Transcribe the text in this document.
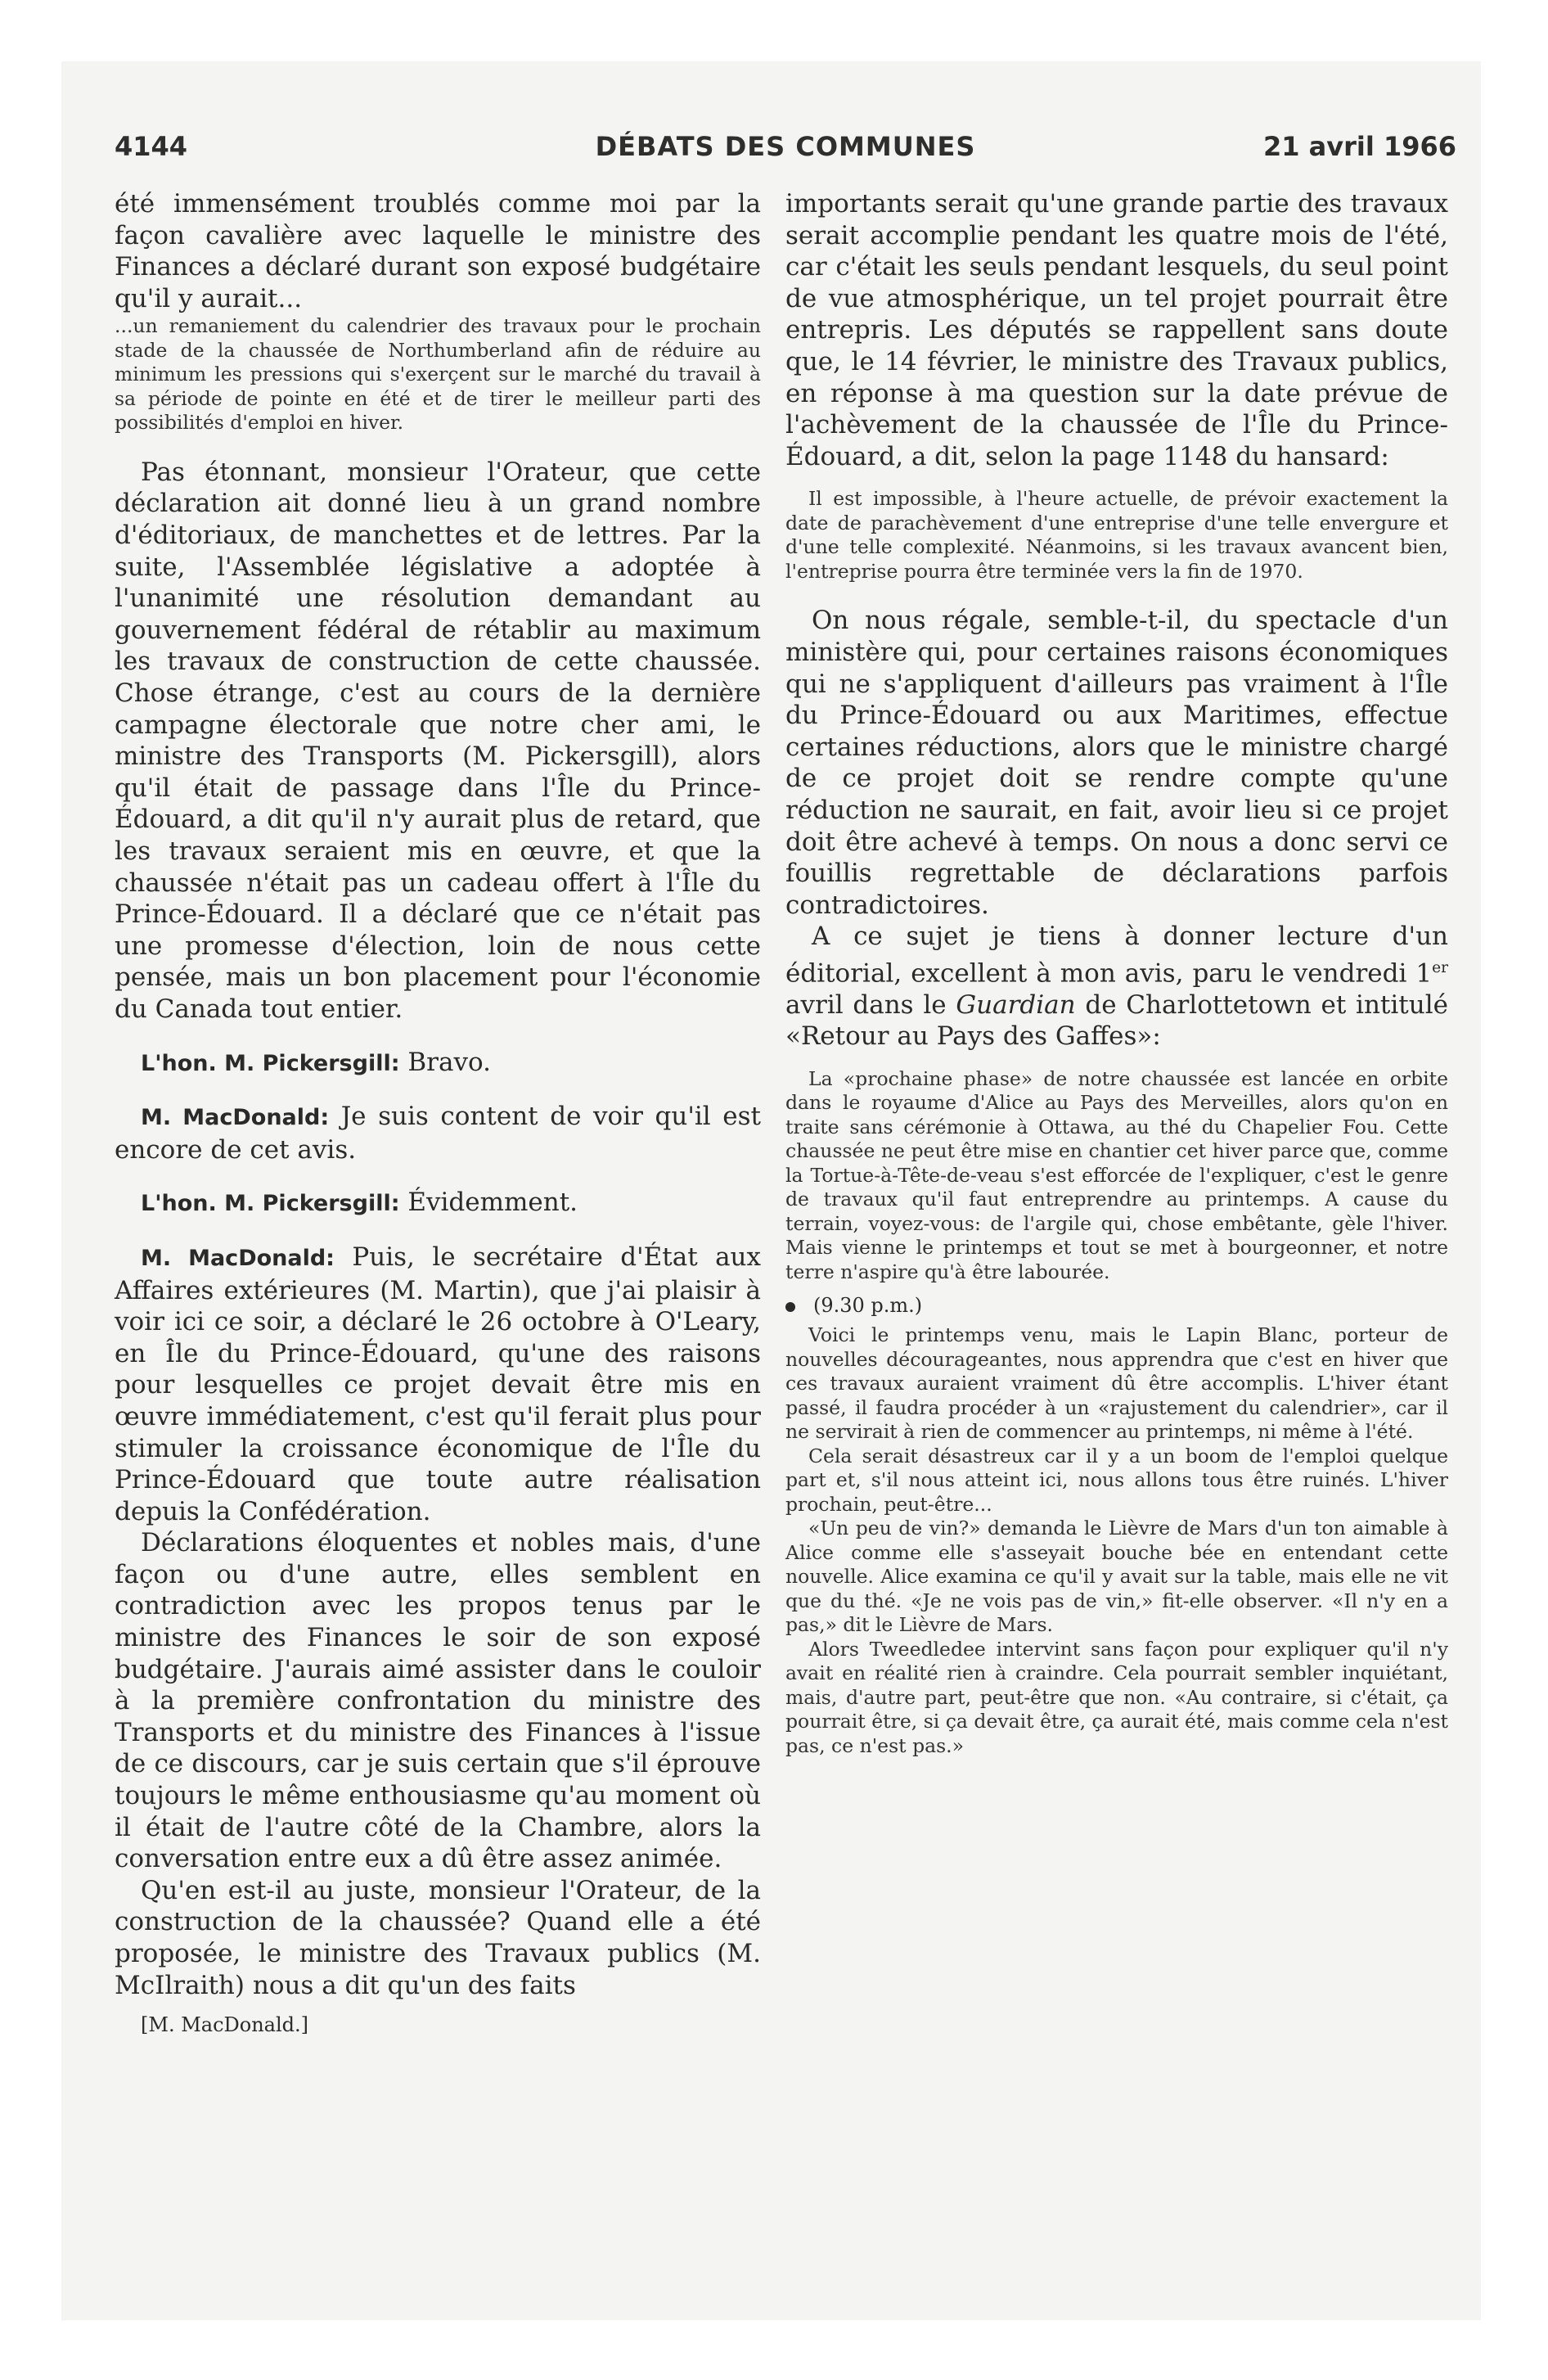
4144	DÉBATS DES COMMUNES	21 avril 1966

été immensément troublés comme moi par la façon cavalière avec laquelle le ministre des Finances a déclaré durant son exposé budgétaire qu'il y aurait...

...un remaniement du calendrier des travaux pour le prochain stade de la chaussée de Northumberland afin de réduire au minimum les pressions qui s'exerçent sur le marché du travail à sa période de pointe en été et de tirer le meilleur parti des possibilités d'emploi en hiver.

Pas étonnant, monsieur l'Orateur, que cette déclaration ait donné lieu à un grand nombre d'éditoriaux, de manchettes et de lettres. Par la suite, l'Assemblée législative a adoptée à l'unanimité une résolution demandant au gouvernement fédéral de rétablir au maximum les travaux de construction de cette chaussée. Chose étrange, c'est au cours de la dernière campagne électorale que notre cher ami, le ministre des Transports (M. Pickersgill), alors qu'il était de passage dans l'Île du Prince-Édouard, a dit qu'il n'y aurait plus de retard, que les travaux seraient mis en œuvre, et que la chaussée n'était pas un cadeau offert à l'Île du Prince-Édouard. Il a déclaré que ce n'était pas une promesse d'élection, loin de nous cette pensée, mais un bon placement pour l'économie du Canada tout entier.

L'hon. M. Pickersgill: Bravo.

M. MacDonald: Je suis content de voir qu'il est encore de cet avis.

L'hon. M. Pickersgill: Évidemment.

M. MacDonald: Puis, le secrétaire d'État aux Affaires extérieures (M. Martin), que j'ai plaisir à voir ici ce soir, a déclaré le 26 octobre à O'Leary, en Île du Prince-Édouard, qu'une des raisons pour lesquelles ce projet devait être mis en œuvre immédiatement, c'est qu'il ferait plus pour stimuler la croissance économique de l'Île du Prince-Édouard que toute autre réalisation depuis la Confédération.

Déclarations éloquentes et nobles mais, d'une façon ou d'une autre, elles semblent en contradiction avec les propos tenus par le ministre des Finances le soir de son exposé budgétaire. J'aurais aimé assister dans le couloir à la première confrontation du ministre des Transports et du ministre des Finances à l'issue de ce discours, car je suis certain que s'il éprouve toujours le même enthousiasme qu'au moment où il était de l'autre côté de la Chambre, alors la conversation entre eux a dû être assez animée.

Qu'en est-il au juste, monsieur l'Orateur, de la construction de la chaussée? Quand elle a été proposée, le ministre des Travaux publics (M. McIlraith) nous a dit qu'un des faits

[M. MacDonald.]

importants serait qu'une grande partie des travaux serait accomplie pendant les quatre mois de l'été, car c'était les seuls pendant lesquels, du seul point de vue atmosphérique, un tel projet pourrait être entrepris. Les députés se rappellent sans doute que, le 14 février, le ministre des Travaux publics, en réponse à ma question sur la date prévue de l'achèvement de la chaussée de l'Île du Prince-Édouard, a dit, selon la page 1148 du hansard:

Il est impossible, à l'heure actuelle, de prévoir exactement la date de parachèvement d'une entreprise d'une telle envergure et d'une telle complexité. Néanmoins, si les travaux avancent bien, l'entreprise pourra être terminée vers la fin de 1970.

On nous régale, semble-t-il, du spectacle d'un ministère qui, pour certaines raisons économiques qui ne s'appliquent d'ailleurs pas vraiment à l'Île du Prince-Édouard ou aux Maritimes, effectue certaines réductions, alors que le ministre chargé de ce projet doit se rendre compte qu'une réduction ne saurait, en fait, avoir lieu si ce projet doit être achevé à temps. On nous a donc servi ce fouillis regrettable de déclarations parfois contradictoires.

A ce sujet je tiens à donner lecture d'un éditorial, excellent à mon avis, paru le vendredi 1er avril dans le Guardian de Charlottetown et intitulé «Retour au Pays des Gaffes»:

La «prochaine phase» de notre chaussée est lancée en orbite dans le royaume d'Alice au Pays des Merveilles, alors qu'on en traite sans cérémonie à Ottawa, au thé du Chapelier Fou. Cette chaussée ne peut être mise en chantier cet hiver parce que, comme la Tortue-à-Tête-de-veau s'est efforcée de l'expliquer, c'est le genre de travaux qu'il faut entreprendre au printemps. A cause du terrain, voyez-vous: de l'argile qui, chose embêtante, gèle l'hiver. Mais vienne le printemps et tout se met à bourgeonner, et notre terre n'aspire qu'à être labourée.

(9.30 p.m.)

Voici le printemps venu, mais le Lapin Blanc, porteur de nouvelles décourageantes, nous apprendra que c'est en hiver que ces travaux auraient vraiment dû être accomplis. L'hiver étant passé, il faudra procéder à un «rajustement du calendrier», car il ne servirait à rien de commencer au printemps, ni même à l'été.

Cela serait désastreux car il y a un boom de l'emploi quelque part et, s'il nous atteint ici, nous allons tous être ruinés. L'hiver prochain, peut-être...

«Un peu de vin?» demanda le Lièvre de Mars d'un ton aimable à Alice comme elle s'asseyait bouche bée en entendant cette nouvelle. Alice examina ce qu'il y avait sur la table, mais elle ne vit que du thé. «Je ne vois pas de vin,» fit-elle observer. «Il n'y en a pas,» dit le Lièvre de Mars.

Alors Tweedledee intervint sans façon pour expliquer qu'il n'y avait en réalité rien à craindre. Cela pourrait sembler inquiétant, mais, d'autre part, peut-être que non. «Au contraire, si c'était, ça pourrait être, si ça devait être, ça aurait été, mais comme cela n'est pas, ce n'est pas.»
